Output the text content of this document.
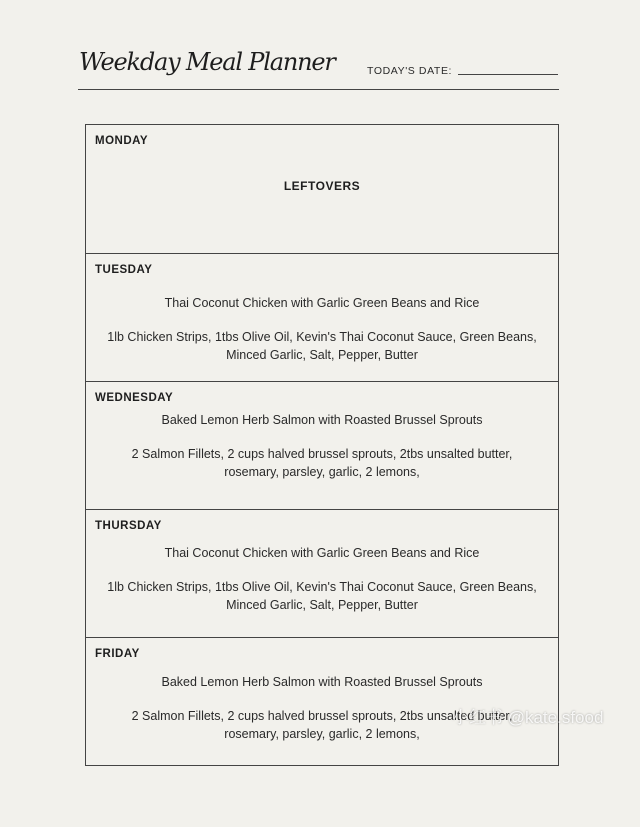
Weekday Meal Planner	TODAY'S DATE:
MONDAY
LEFTOVERS
TUESDAY
Thai Coconut Chicken with Garlic Green Beans and Rice
1lb Chicken Strips, 1tbs Olive Oil, Kevin's Thai Coconut Sauce, Green Beans,
Minced Garlic, Salt, Pepper, Butter
WEDNESDAY
Baked Lemon Herb Salmon with Roasted Brussel Sprouts
2 Salmon Fillets, 2 cups halved brussel sprouts, 2tbs unsalted butter,
rosemary, parsley, garlic, 2 lemons,
THURSDAY
Thai Coconut Chicken with Garlic Green Beans and Rice
1lb Chicken Strips, 1tbs Olive Oil, Kevin's Thai Coconut Sauce, Green Beans,
Minced Garlic, Salt, Pepper, Butter
FRIDAY
Baked Lemon Herb Salmon with Roasted Brussel Sprouts
2 Salmon Fillets, 2 cups halved brussel sprouts, 2tbs unsalted butter,
rosemary, parsley, garlic, 2 lemons,
小红书 @kate.sfood
